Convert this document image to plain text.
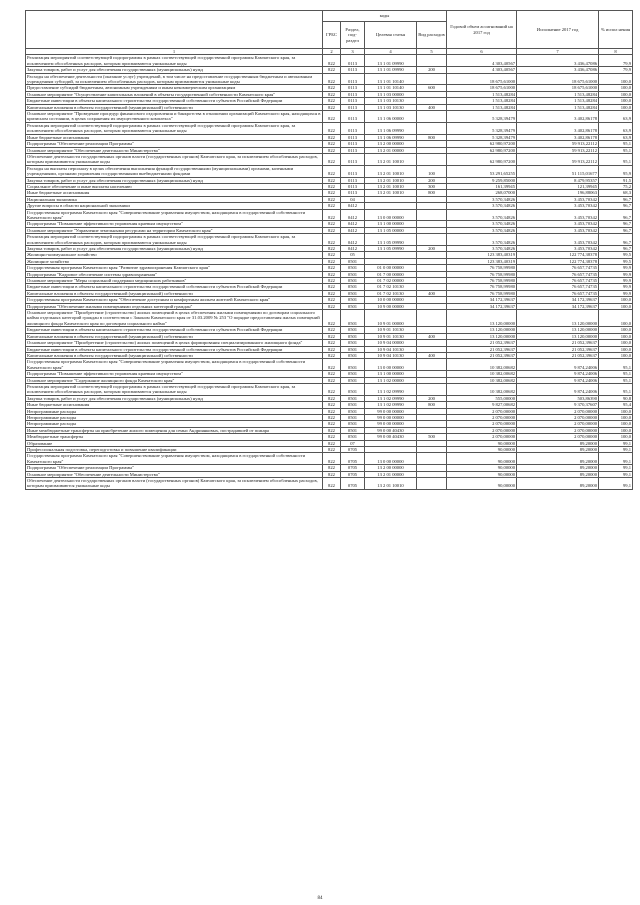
	коды				Годовой объем ассигнований на 2017 год	Исполнение 2017 год	% испол нения
	ГРБС	Раздел, под- раздел	Целевая статья	Вид расходов			
1	2	3	4	5	6	7	8
Реализация мероприятий соответствующей подпрограммы в рамках соответствующей государственной программы Камчатского края, за исключением обособленных расходов, которым присваиваются уникальные коды	822	0113	13 1 01 09990		4 303,40567	3 436,47086	79,9
Закупка товаров, работ и услуг для обеспечения государственных (муниципальных) нужд	822	0113	13 1 01 09990	200	4 303,40567	3 436,47086	79,9
Расходы на обеспечение деятельности (оказание услуг) учреждений, в том числе на предоставление государственным бюджетным и автономным учреждениям субсидий, за исключением обособленных расходов, которым присваиваются уникальные коды	822	0113	13 1 01 10140		18 675,61000	18 675,61000	100,0
Предоставление субсидий бюджетным, автономным учреждениям и иным некоммерческим организациям	822	0113	13 1 01 10140	600	18 675,61000	18 675,61000	100,0
Основное мероприятие "Осуществление капитальных вложений в объекты государственной собственности Камчатского края"	822	0113	13 1 03 00000		1 513,48284	1 513,48284	100,0
Бюджетные инвестиции в объекты капитального строительства государственной собственности субъектов Российской Федерации	822	0113	13 1 03 10130		1 513,48284	1 513,48284	100,0
Капитальные вложения в объекты государственной (муниципальной) собственности	822	0113	13 1 03 10130	400	1 513,48284	1 513,48284	100,0
Основное мероприятие "Проведение процедур финансового оздоровления и банкротства в отношении организаций Камчатского края, находящихся в кризисном состоянии, в целях сохранения их имущественного комплекса"	822	0113	13 1 06 00000		5 328,39479	3 402,86178	63,9
Реализация мероприятий соответствующей подпрограммы в рамках соответствующей государственной программы Камчатского края, за исключением обособленных расходов, которым присваиваются уникальные коды	822	0113	13 1 06 09990		5 328,39479	3 402,86178	63,9
Иные бюджетные ассигнования	822	0113	13 1 06 09990	800	5 328,39479	3 402,86178	63,9
Подпрограмма "Обеспечение реализации Программы"	822	0113	13 2 00 00000		62 980,97200	59 913,22112	95,1
Основное мероприятие "Обеспечение деятельности Министерства"	822	0113	13 2 01 00000		62 980,97200	59 913,22112	95,1
Обеспечение деятельности государственных органов власти (государственных органов) Камчатского края, за исключением обособленных расходов, которым присваиваются уникальные коды	822	0113	13 2 01 10010		62 980,97200	59 913,22112	95,1
Расходы на выплаты персоналу в целях обеспечения выполнения функций государственными (муниципальными) органами, казенными учреждениями, органами управления государственными внебюджетными фондами	822	0113	13 2 01 10010	100	53 291,65255	51 115,01677	95,9
Закупка товаров, работ и услуг для обеспечения государственных (муниципальных) нужд	822	0113	13 2 01 10010	200	9 259,85000	8 479,95357	91,5
Социальное обеспечение и иные выплаты населению	822	0113	13 2 01 10010	300	161,39945	121,39945	75,2
Иные бюджетные ассигнования	822	0113	13 2 01 10010	800	268,07000	196,88063	68,3
Национальная экономика	822	04			3 570,34826	3 453,70342	96,7
Другие вопросы в области национальной экономики	822	0412			3 570,34826	3 453,70342	96,7
Государственная программа Камчатского края "Совершенствование управления имуществом, находящимся в государственной собственности Камчатского края"	822	0412	13 0 00 00000		3 570,34826	3 453,70342	96,7
Подпрограмма "Повышение эффективности управления краевым имуществом"	822	0412	13 1 00 00000		3 570,34826	3 453,70342	96,7
Основное мероприятие "Управление земельными ресурсами на территории Камчатского края"	822	0412	13 1 05 00000		3 570,34826	3 453,70342	96,7
Реализация мероприятий соответствующей подпрограммы в рамках соответствующей государственной программы Камчатского края, за исключением обособленных расходов, которым присваиваются уникальные коды	822	0412	13 1 05 09990		3 570,34826	3 453,70342	96,7
Закупка товаров, работ и услуг для обеспечения государственных (муниципальных) нужд	822	0412	13 1 05 09990	200	3 570,34826	3 453,70342	96,7
Жилищно-коммунальное хозяйство	822	05			123 383,40319	122 774,38378	99,5
Жилищное хозяйство	822	0501			123 383,40319	122 774,38378	99,5
Государственная программа Камчатского края "Развитие здравоохранения Камчатского края"	822	0501	01 0 00 00000		76 758,99980	76 657,74735	99,9
Подпрограмма "Кадровое обеспечение системы здравоохранения"	822	0501	01 7 00 00000		76 758,99980	76 657,74735	99,9
Основное мероприятие "Меры социальной поддержки медицинских работников"	822	0501	01 7 02 00000		76 758,99980	76 657,74735	99,9
Бюджетные инвестиции в объекты капитального строительства государственной собственности субъектов Российской Федерации	822	0501	01 7 02 10130		76 758,99980	76 657,74735	99,9
Капитальные вложения в объекты государственной (муниципальной) собственности	822	0501	01 7 02 10130	400	76 758,99980	76 657,74735	99,9
Государственная программа Камчатского края "Обеспечение доступным и комфортным жильем жителей Камчатского края"	822	0501	10 0 00 00000		34 172,39637	34 172,39637	100,0
Подпрограмма "Обеспечение жилыми помещениями отдельных категорий граждан"	822	0501	10 9 00 00000		34 172,39637	34 172,39637	100,0
Основное мероприятие "Приобретение (строительство) жилых помещений в целях обеспечения жилыми помещениями по договорам социального найма отдельных категорий граждан в соответствии с Законом Камчатского края от 31.03.2009 № 253 "О порядке предоставления жилых помещений жилищного фонда Камчатского края по договорам социального найма"	822	0501	10 9 01 00000		13 120,00000	13 120,00000	100,0
Бюджетные инвестиции в объекты капитального строительства государственной собственности субъектов Российской Федерации	822	0501	10 9 01 10130		13 120,00000	13 120,00000	100,0
Капитальные вложения в объекты государственной (муниципальной) собственности	822	0501	10 9 01 10130	400	13 120,00000	13 120,00000	100,0
Основное мероприятие "Приобретение (строительство) жилых помещений в целях формирования специализированного жилищного фонда"	822	0501	10 9 04 00000		21 052,39637	21 052,39637	100,0
Бюджетные инвестиции в объекты капитального строительства государственной собственности субъектов Российской Федерации	822	0501	10 9 04 10130		21 052,39637	21 052,39637	100,0
Капитальные вложения в объекты государственной (муниципальной) собственности	822	0501	10 9 04 10130	400	21 052,39637	21 052,39637	100,0
Государственная программа Камчатского края "Совершенствование управления имуществом, находящимся в государственной собственности Камчатского края"	822	0501	13 0 00 00000		10 382,00682	9 874,24006	95,1
Подпрограмма "Повышение эффективности управления краевым имуществом"	822	0501	13 1 00 00000		10 382,00682	9 874,24006	95,1
Основное мероприятие "Содержание жилищного фонда Камчатского края"	822	0501	13 1 02 00000		10 382,00682	9 874,24006	95,1
Реализация мероприятий соответствующей подпрограммы в рамках соответствующей государственной программы Камчатского края, за исключением обособленных расходов, которым присваиваются уникальные коды	822	0501	13 1 02 09990		10 382,00682	9 874,24006	95,1
Закупка товаров, работ и услуг для обеспечения государственных (муниципальных) нужд	822	0501	13 1 02 09990	200	555,00000	503,86390	90,8
Иные бюджетные ассигнования	822	0501	13 1 02 09990	800	9 827,00682	9 370,37607	95,4
Непрограммные расходы	822	0501	99 0 00 00000		2 070,00000	2 070,00000	100,0
Непрограммные расходы	822	0501	99 0 00 00000		2 070,00000	2 070,00000	100,0
Непрограммные расходы	822	0501	99 0 00 00000		2 070,00000	2 070,00000	100,0
Иные межбюджетные трансферты на приобретение жилого помещения для семьи Андриянковых, пострадавшей от пожара	822	0501	99 0 00 40430		2 070,00000	2 070,00000	100,0
Межбюджетные трансферты	822	0501	99 0 00 40430	500	2 070,00000	2 070,00000	100,0
Образование	822	07			90,00000	89,20000	99,1
Профессиональная подготовка, переподготовка и повышение квалификации	822	0705			90,00000	89,20000	99,1
Государственная программа Камчатского края "Совершенствование управления имуществом, находящимся в государственной собственности Камчатского края"	822	0705	13 0 00 00000		90,00000	89,20000	99,1
Подпрограмма "Обеспечение реализации Программы"	822	0705	13 2 00 00000		90,00000	89,20000	99,1
Основное мероприятие "Обеспечение деятельности Министерства"	822	0705	13 2 01 00000		90,00000	89,20000	99,1
Обеспечение деятельности государственных органов власти (государственных органов) Камчатского края, за исключением обособленных расходов, которым присваиваются уникальные коды	822	0705	13 2 01 10010		90,00000	89,20000	99,1
84
